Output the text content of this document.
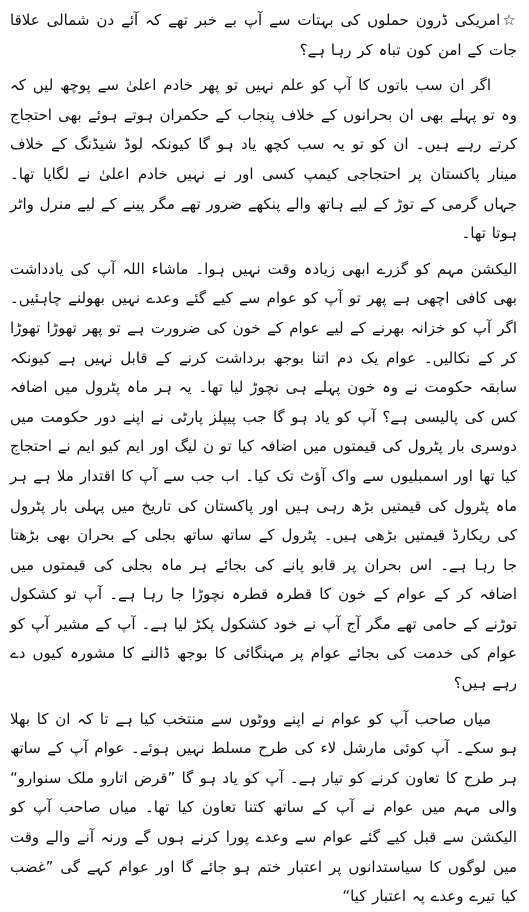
☆امریکی ڈرون حملوں کی بہتات سے آپ بے خبر تھے کہ آئے دن شمالی علاقا جات کے امن کون تباہ کر رہا ہے؟

اگر ان سب باتوں کا آپ کو علم نہیں تو پھر خادم اعلیٰ سے پوچھ لیں کہ وہ تو پہلے بھی ان بحرانوں کے خلاف پنجاب کے حکمران ہوتے ہوئے بھی احتجاج کرتے رہے ہیں۔ ان کو تو یہ سب کچھ یاد ہو گا کیونکہ لوڈ شیڈنگ کے خلاف مینار پاکستان پر احتجاجی کیمپ کسی اور نے نہیں خادم اعلیٰ نے لگایا تھا۔ جہاں گرمی کے توڑ کے لیے ہاتھ والے پنکھے ضرور تھے مگر پینے کے لیے منرل واٹر ہوتا تھا۔

الیکشن مہم کو گزرے ابھی زیادہ وقت نہیں ہوا۔ ماشاء اللہ آپ کی یادداشت بھی کافی اچھی ہے پھر تو آپ کو عوام سے کیے گئے وعدے نہیں بھولنے چاہئیں۔ اگر آپ کو خزانہ بھرنے کے لیے عوام کے خون کی ضرورت ہے تو پھر تھوڑا تھوڑا کر کے نکالیں۔ عوام یک دم اتنا بوجھ برداشت کرنے کے قابل نہیں ہے کیونکہ سابقہ حکومت نے وہ خون پہلے ہی نچوڑ لیا تھا۔ یہ ہر ماہ پٹرول میں اضافہ کس کی پالیسی ہے؟ آپ کو یاد ہو گا جب پیپلز پارٹی نے اپنے دور حکومت میں دوسری بار پٹرول کی قیمتوں میں اضافہ کیا تو ن لیگ اور ایم کیو ایم نے احتجاج کیا تھا اور اسمبلیوں سے واک آؤٹ تک کیا۔ اب جب سے آپ کا اقتدار ملا ہے ہر ماہ پٹرول کی قیمتیں بڑھ رہی ہیں اور پاکستان کی تاریخ میں پہلی بار پٹرول کی ریکارڈ قیمتیں بڑھی ہیں۔ پٹرول کے ساتھ ساتھ بجلی کے بحران بھی بڑھتا جا رہا ہے۔ اس بحران پر قابو پانے کی بجائے ہر ماہ بجلی کی قیمتوں میں اضافہ کر کے عوام کے خون کا قطرہ قطرہ نچوڑا جا رہا ہے۔ آپ تو کشکول توڑنے کے حامی تھے مگر آج آپ نے خود کشکول پکڑ لیا ہے۔ آپ کے مشیر آپ کو عوام کی خدمت کی بجائے عوام پر مہنگائی کا بوجھ ڈالنے کا مشورہ کیوں دے رہے ہیں؟

میاں صاحب آپ کو عوام نے اپنے ووٹوں سے منتخب کیا ہے تا کہ ان کا بھلا ہو سکے۔ آپ کوئی مارشل لاء کی طرح مسلط نہیں ہوئے۔ عوام آپ کے ساتھ ہر طرح کا تعاون کرنے کو تیار ہے۔ آپ کو یاد ہو گا ”قرض اتارو ملک سنوارو“ والی مہم میں عوام نے آپ کے ساتھ کتنا تعاون کیا تھا۔ میاں صاحب آپ کو الیکشن سے قبل کیے گئے عوام سے وعدے پورا کرنے ہوں گے ورنہ آنے والے وقت میں لوگوں کا سیاستدانوں پر اعتبار ختم ہو جائے گا اور عوام کہے گی ”غضب کیا تیرے وعدے پہ اعتبار کیا“
